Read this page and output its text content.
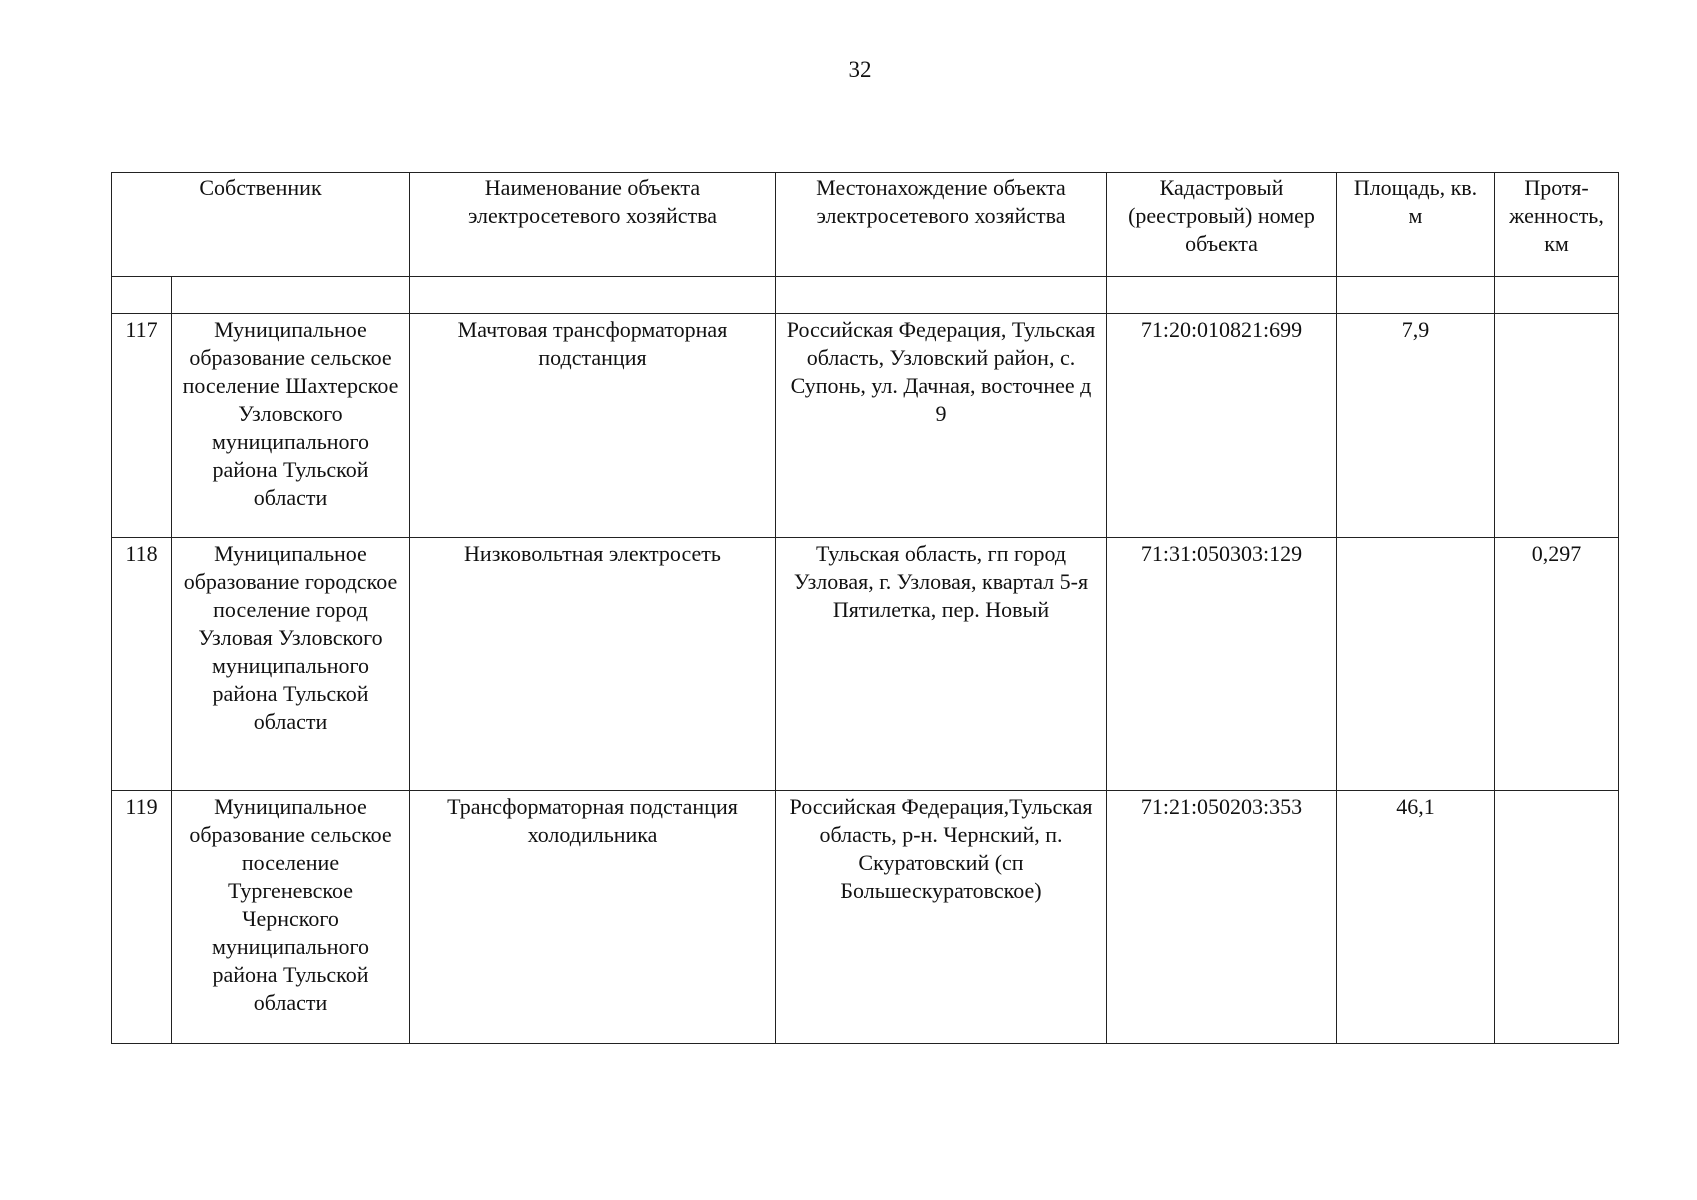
32
Собственник		Наименование объекта электросетевого хозяйства	Местонахождение объекта электросетевого хозяйства	Кадастровый (реестровый) номер объекта	Площадь, кв. м	Протя-женность, км

117	Муниципальное образование сельское поселение Шахтерское Узловского муниципального района Тульской области	Мачтовая трансформаторная подстанция	Российская Федерация, Тульская область, Узловский район, с. Супонь, ул. Дачная, восточнее д 9	71:20:010821:699	7,9	
118	Муниципальное образование городское поселение город Узловая Узловского муниципального района Тульской области	Низковольтная электросеть	Тульская область, гп город Узловая, г. Узловая, квартал 5-я Пятилетка, пер. Новый	71:31:050303:129		0,297
119	Муниципальное образование сельское поселение Тургеневское Чернского муниципального района Тульской области	Трансформаторная подстанция холодильника	Российская Федерация,Тульская область, р-н. Чернский, п. Скуратовский (сп Большескуратовское)	71:21:050203:353	46,1	
